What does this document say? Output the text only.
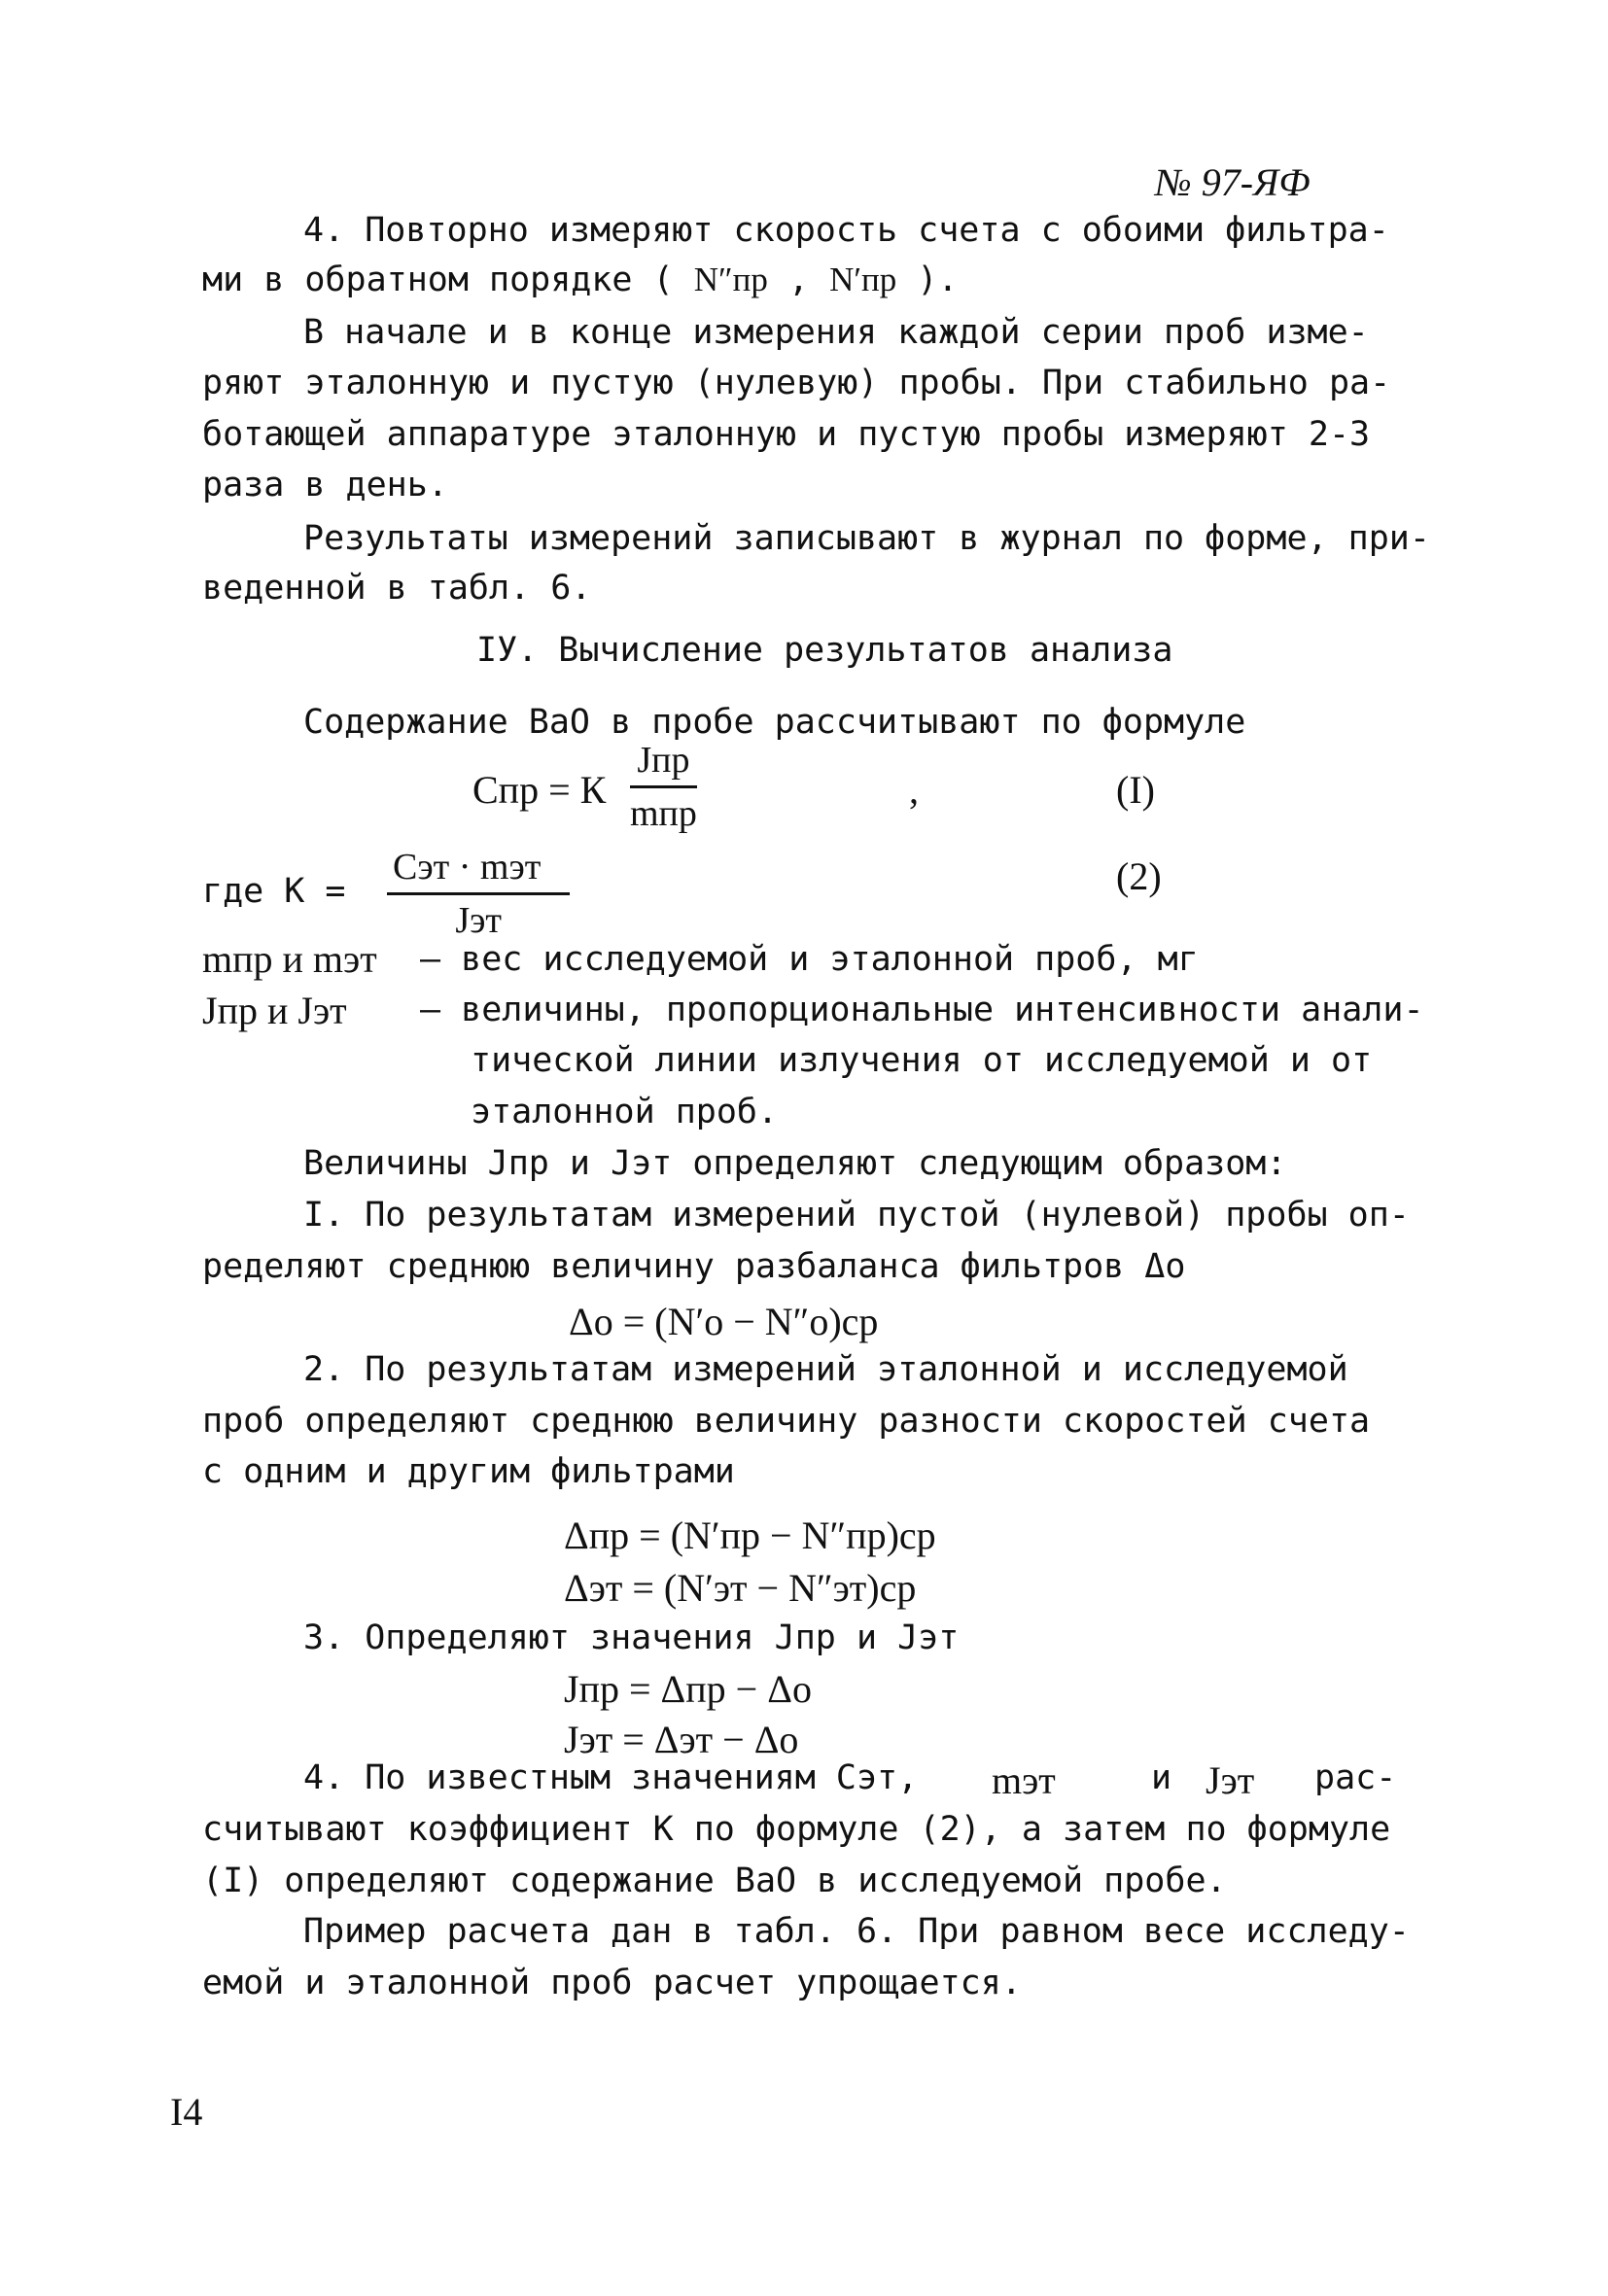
№ 97-ЯФ
4. Повторно измеряют скорость счета с обоими фильтра-
ми в обратном порядке ( N″пр , N′пр ).
В начале и в конце измерения каждой серии проб изме-
ряют эталонную и пустую (нулевую) пробы. При стабильно ра-
ботающей аппаратуре эталонную и пустую пробы измеряют 2-3
раза в день.
Результаты измерений записывают в журнал по форме, при-
веденной в табл. 6.
IУ. Вычисление результатов анализа
Содержание BaO в пробе рассчитывают по формуле
Cпр = К
Jпр
mпр
,	(I)
где К =
Cэт · mэт
Jэт
(2)
mпр и mэт – вес исследуемой и эталонной проб, мг
Jпр и Jэт – величины, пропорциональные интенсивности анали-
тической линии излучения от исследуемой и от
эталонной проб.
Величины Jпр и Jэт определяют следующим образом:
I. По результатам измерений пустой (нулевой) пробы оп-
ределяют среднюю величину разбаланса фильтров Δo
Δo = (N′o − N″o)ср
2. По результатам измерений эталонной и исследуемой
проб определяют среднюю величину разности скоростей счета
с одним и другим фильтрами
Δпр = (N′пр − N″пр)ср
Δэт = (N′эт − N″эт)ср
3. Определяют значения Jпр и Jэт
Jпр = Δпр − Δo
Jэт = Δэт − Δo
4. По известным значениям Cэт, mэт	и Jэт рас-
считывают коэффициент К по формуле (2), а затем по формуле
(I) определяют содержание BaO в исследуемой пробе.
Пример расчета дан в табл. 6. При равном весе исследу-
емой и эталонной проб расчет упрощается.
I4
